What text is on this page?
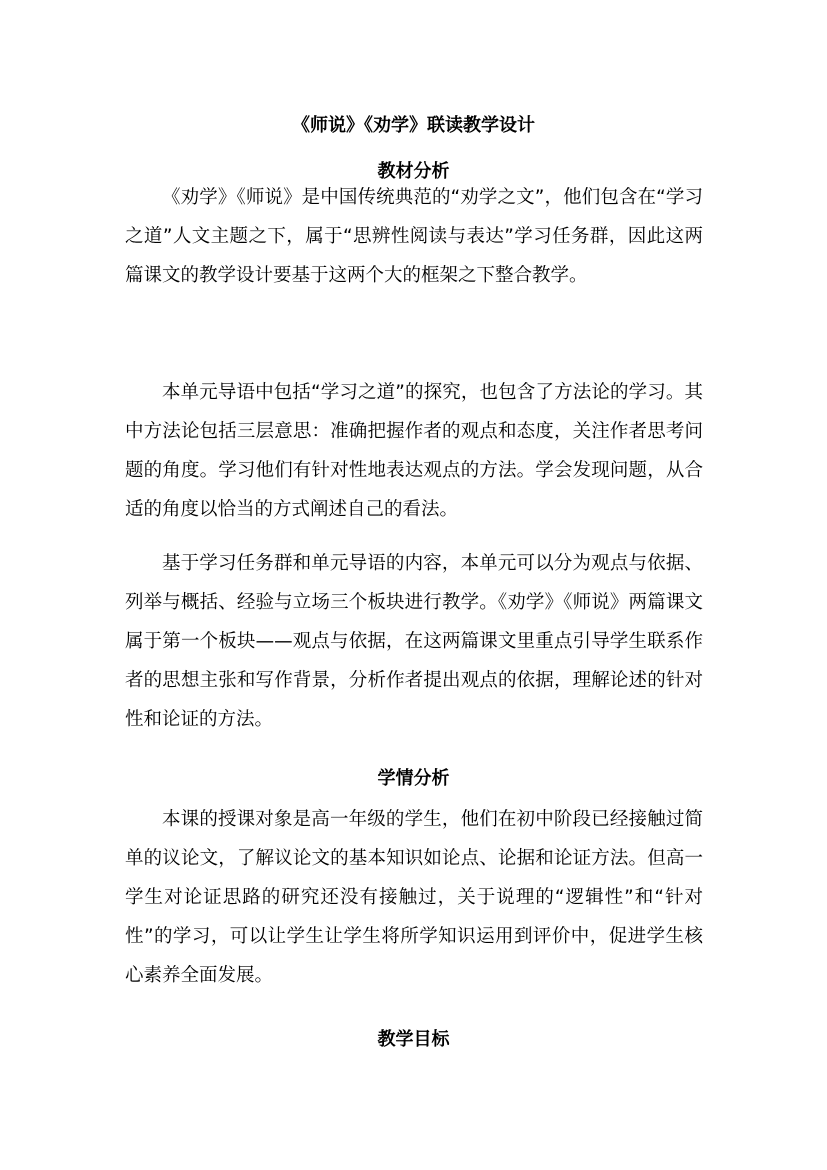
《师说》《劝学》联读教学设计
教材分析

《劝学》《师说》是中国传统典范的“劝学之文”，他们包含在“学习之道”人文主题之下，属于“思辨性阅读与表达”学习任务群，因此这两篇课文的教学设计要基于这两个大的框架之下整合教学。

本单元导语中包括“学习之道”的探究，也包含了方法论的学习。其中方法论包括三层意思：准确把握作者的观点和态度，关注作者思考问题的角度。学习他们有针对性地表达观点的方法。学会发现问题，从合适的角度以恰当的方式阐述自己的看法。

基于学习任务群和单元导语的内容，本单元可以分为观点与依据、列举与概括、经验与立场三个板块进行教学。《劝学》《师说》两篇课文属于第一个板块——观点与依据，在这两篇课文里重点引导学生联系作者的思想主张和写作背景，分析作者提出观点的依据，理解论述的针对性和论证的方法。

学情分析

本课的授课对象是高一年级的学生，他们在初中阶段已经接触过简单的议论文，了解议论文的基本知识如论点、论据和论证方法。但高一学生对论证思路的研究还没有接触过，关于说理的“逻辑性”和“针对性”的学习，可以让学生让学生将所学知识运用到评价中，促进学生核心素养全面发展。

教学目标
